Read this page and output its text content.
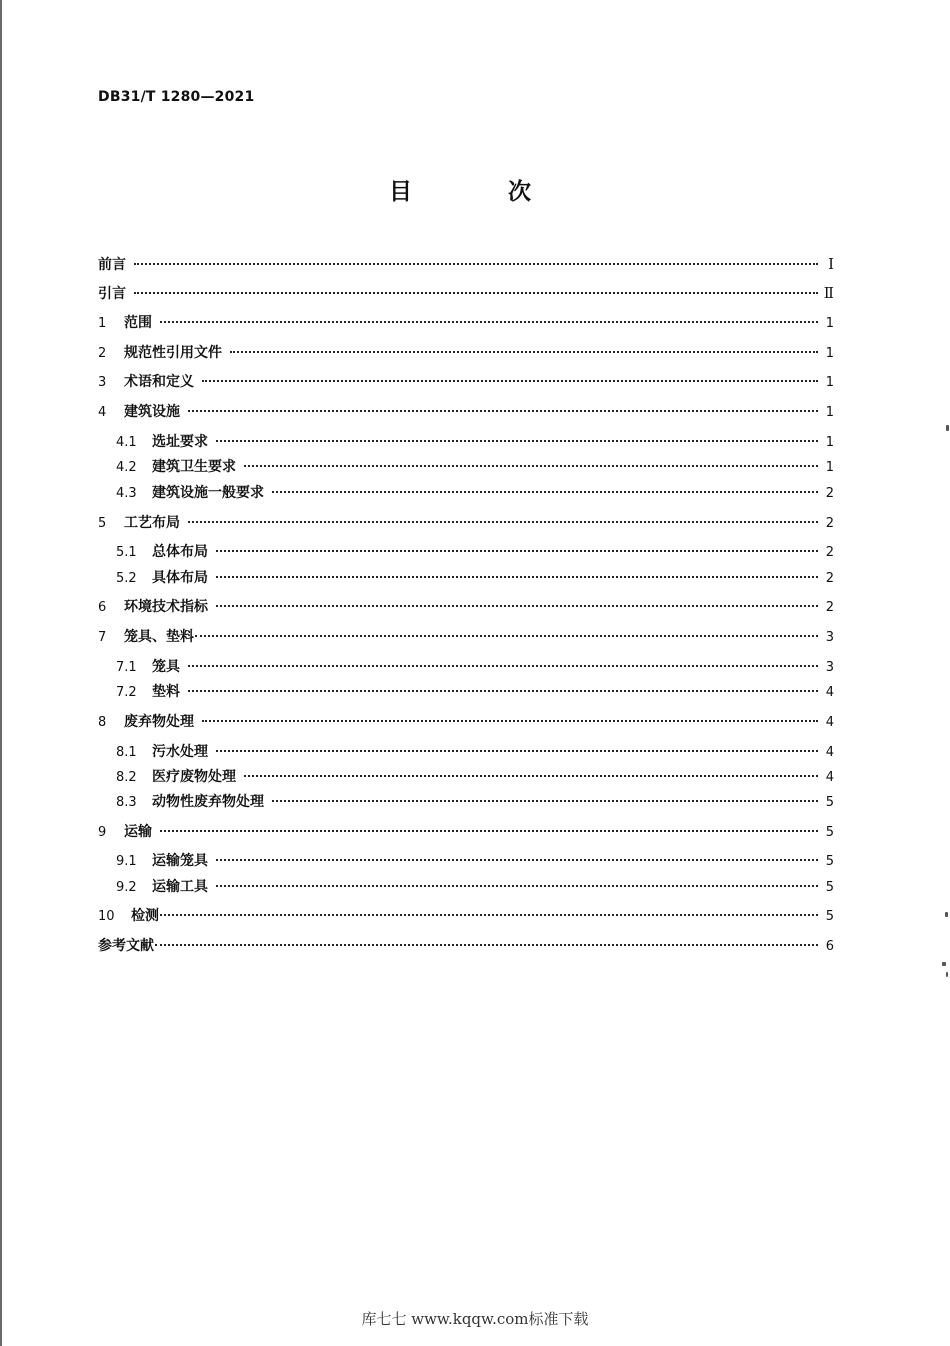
DB31/T 1280—2021
目 次
前言	Ⅰ
引言	Ⅱ
1	范围	1
2	规范性引用文件	1
3	术语和定义	1
4	建筑设施	1
4.1	选址要求	1
4.2	建筑卫生要求	1
4.3	建筑设施一般要求	2
5	工艺布局	2
5.1	总体布局	2
5.2	具体布局	2
6	环境技术指标	2
7	笼具、垫料	3
7.1	笼具	3
7.2	垫料	4
8	废弃物处理	4
8.1	污水处理	4
8.2	医疗废物处理	4
8.3	动物性废弃物处理	5
9	运输	5
9.1	运输笼具	5
9.2	运输工具	5
10	检测	5
参考文献	6
库七七 www.kqqw.com标准下载
